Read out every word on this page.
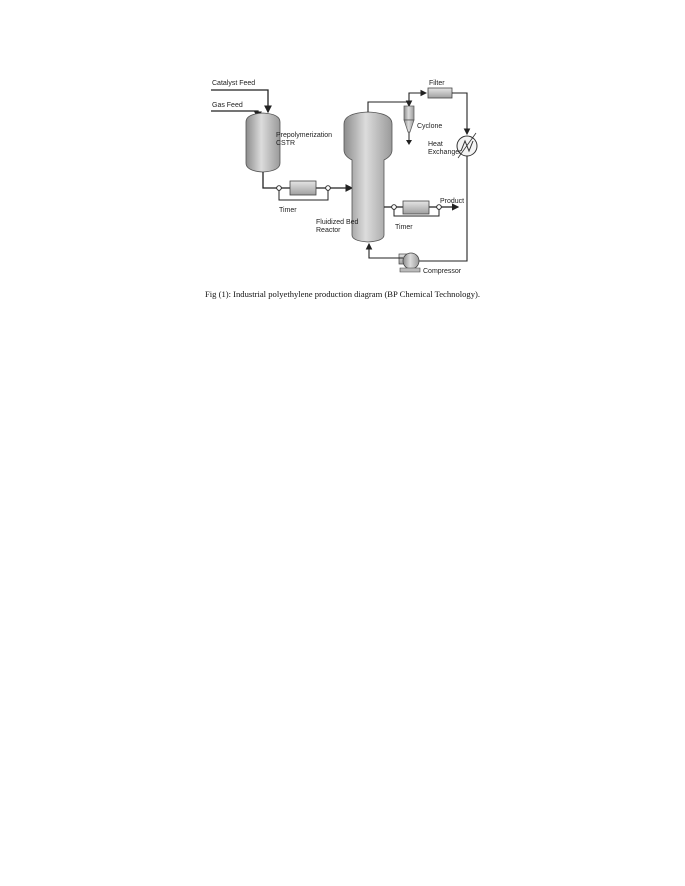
Catalyst Feed
Gas Feed
Prepolymerization
CSTR
Timer
Fluidized Bed
Reactor	Timer
Product
Filter
Cyclone
Heat
Exchanger
Compressor
Fig (1): Industrial polyethylene production diagram (BP Chemical Technology).
